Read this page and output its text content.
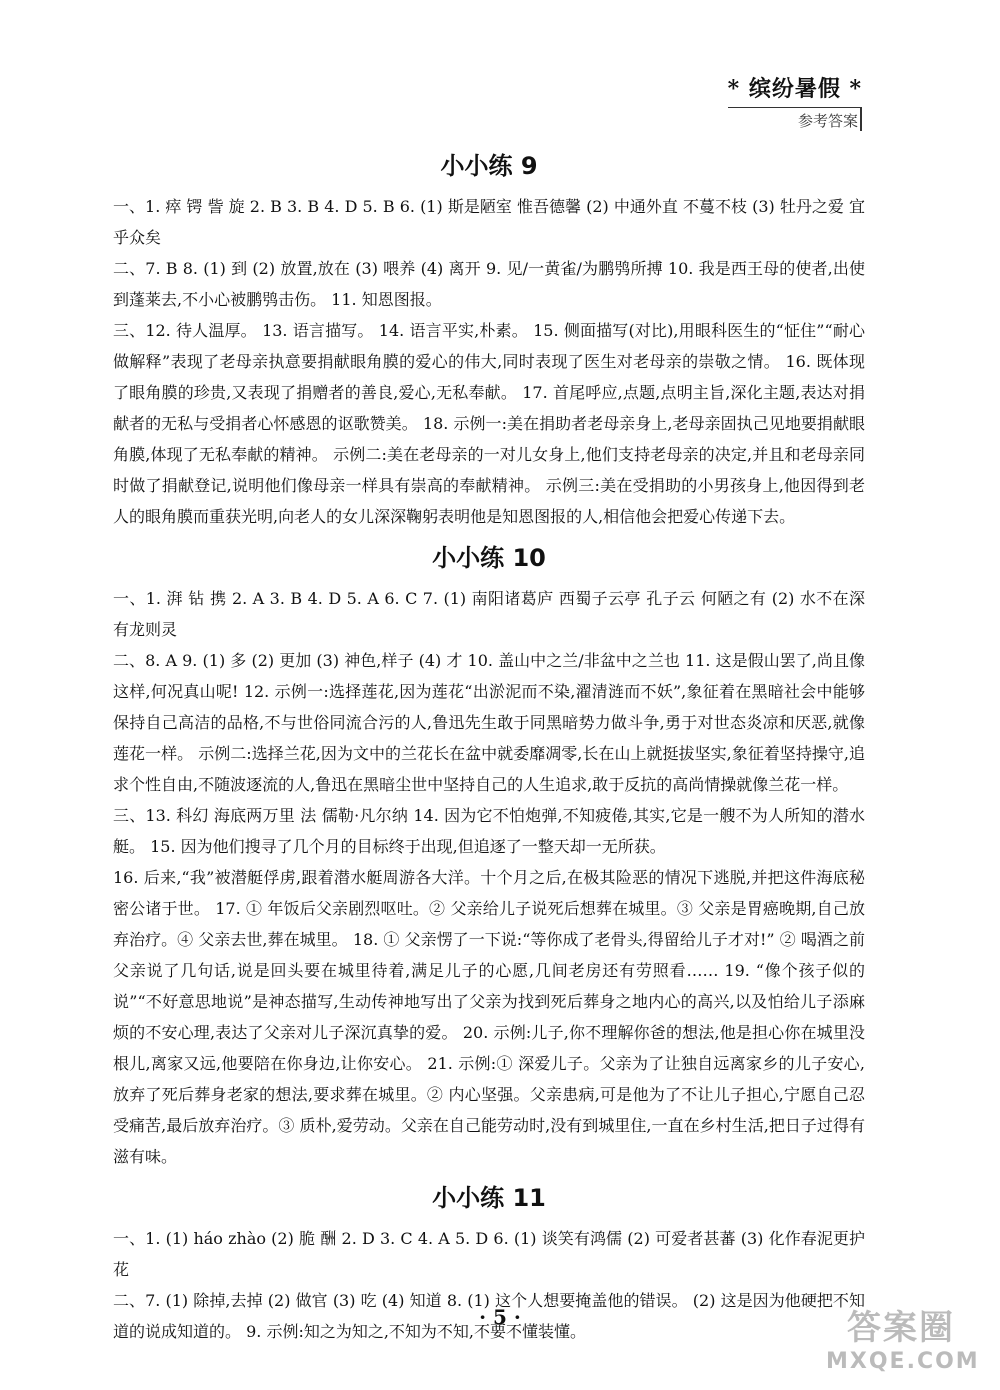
* 缤纷暑假 *
参考答案
小小练 9

一、1. 瘁 锷 訾 旋 2. B 3. B 4. D 5. B 6. (1) 斯是陋室 惟吾德馨 (2) 中通外直 不蔓不枝 (3) 牡丹之爱 宜乎众矣

二、7. B 8. (1) 到 (2) 放置,放在 (3) 喂养 (4) 离开 9. 见/一黄雀/为鹏鸮所搏 10. 我是西王母的使者,出使到蓬莱去,不小心被鹏鸮击伤。 11. 知恩图报。

三、12. 待人温厚。 13. 语言描写。 14. 语言平实,朴素。 15. 侧面描写(对比),用眼科医生的“怔住”“耐心做解释”表现了老母亲执意要捐献眼角膜的爱心的伟大,同时表现了医生对老母亲的崇敬之情。 16. 既体现了眼角膜的珍贵,又表现了捐赠者的善良,爱心,无私奉献。 17. 首尾呼应,点题,点明主旨,深化主题,表达对捐献者的无私与受捐者心怀感恩的讴歌赞美。 18. 示例一:美在捐助者老母亲身上,老母亲固执己见地要捐献眼角膜,体现了无私奉献的精神。 示例二:美在老母亲的一对儿女身上,他们支持老母亲的决定,并且和老母亲同时做了捐献登记,说明他们像母亲一样具有崇高的奉献精神。 示例三:美在受捐助的小男孩身上,他因得到老人的眼角膜而重获光明,向老人的女儿深深鞠躬表明他是知恩图报的人,相信他会把爱心传递下去。

小小练 10

一、1. 湃 钻 携 2. A 3. B 4. D 5. A 6. C 7. (1) 南阳诸葛庐 西蜀子云亭 孔子云 何陋之有 (2) 水不在深 有龙则灵

二、8. A 9. (1) 多 (2) 更加 (3) 神色,样子 (4) 才 10. 盖山中之兰/非盆中之兰也 11. 这是假山罢了,尚且像这样,何况真山呢! 12. 示例一:选择莲花,因为莲花“出淤泥而不染,濯清涟而不妖”,象征着在黑暗社会中能够保持自己高洁的品格,不与世俗同流合污的人,鲁迅先生敢于同黑暗势力做斗争,勇于对世态炎凉和厌恶,就像莲花一样。 示例二:选择兰花,因为文中的兰花长在盆中就委靡凋零,长在山上就挺拔坚实,象征着坚持操守,追求个性自由,不随波逐流的人,鲁迅在黑暗尘世中坚持自己的人生追求,敢于反抗的高尚情操就像兰花一样。

三、13. 科幻 海底两万里 法 儒勒·凡尔纳 14. 因为它不怕炮弹,不知疲倦,其实,它是一艘不为人所知的潜水艇。 15. 因为他们搜寻了几个月的目标终于出现,但追逐了一整天却一无所获。

16. 后来,“我”被潜艇俘虏,跟着潜水艇周游各大洋。十个月之后,在极其险恶的情况下逃脱,并把这件海底秘密公诸于世。 17. ① 年饭后父亲剧烈呕吐。② 父亲给儿子说死后想葬在城里。③ 父亲是胃癌晚期,自己放弃治疗。④ 父亲去世,葬在城里。 18. ① 父亲愣了一下说:“等你成了老骨头,得留给儿子才对!” ② 喝酒之前父亲说了几句话,说是回头要在城里待着,满足儿子的心愿,几间老房还有劳照看…… 19. “像个孩子似的说”“不好意思地说”是神态描写,生动传神地写出了父亲为找到死后葬身之地内心的高兴,以及怕给儿子添麻烦的不安心理,表达了父亲对儿子深沉真挚的爱。 20. 示例:儿子,你不理解你爸的想法,他是担心你在城里没根儿,离家又远,他要陪在你身边,让你安心。 21. 示例:① 深爱儿子。父亲为了让独自远离家乡的儿子安心,放弃了死后葬身老家的想法,要求葬在城里。② 内心坚强。父亲患病,可是他为了不让儿子担心,宁愿自己忍受痛苦,最后放弃治疗。③ 质朴,爱劳动。父亲在自己能劳动时,没有到城里住,一直在乡村生活,把日子过得有滋有味。

小小练 11

一、1. (1) háo zhào (2) 脆 酬 2. D 3. C 4. A 5. D 6. (1) 谈笑有鸿儒 (2) 可爱者甚蕃 (3) 化作春泥更护花

二、7. (1) 除掉,去掉 (2) 做官 (3) 吃 (4) 知道 8. (1) 这个人想要掩盖他的错误。 (2) 这是因为他硬把不知道的说成知道的。 9. 示例:知之为知之,不知为不知,不要不懂装懂。

· 5 ·	答案圈
MXQE.COM
